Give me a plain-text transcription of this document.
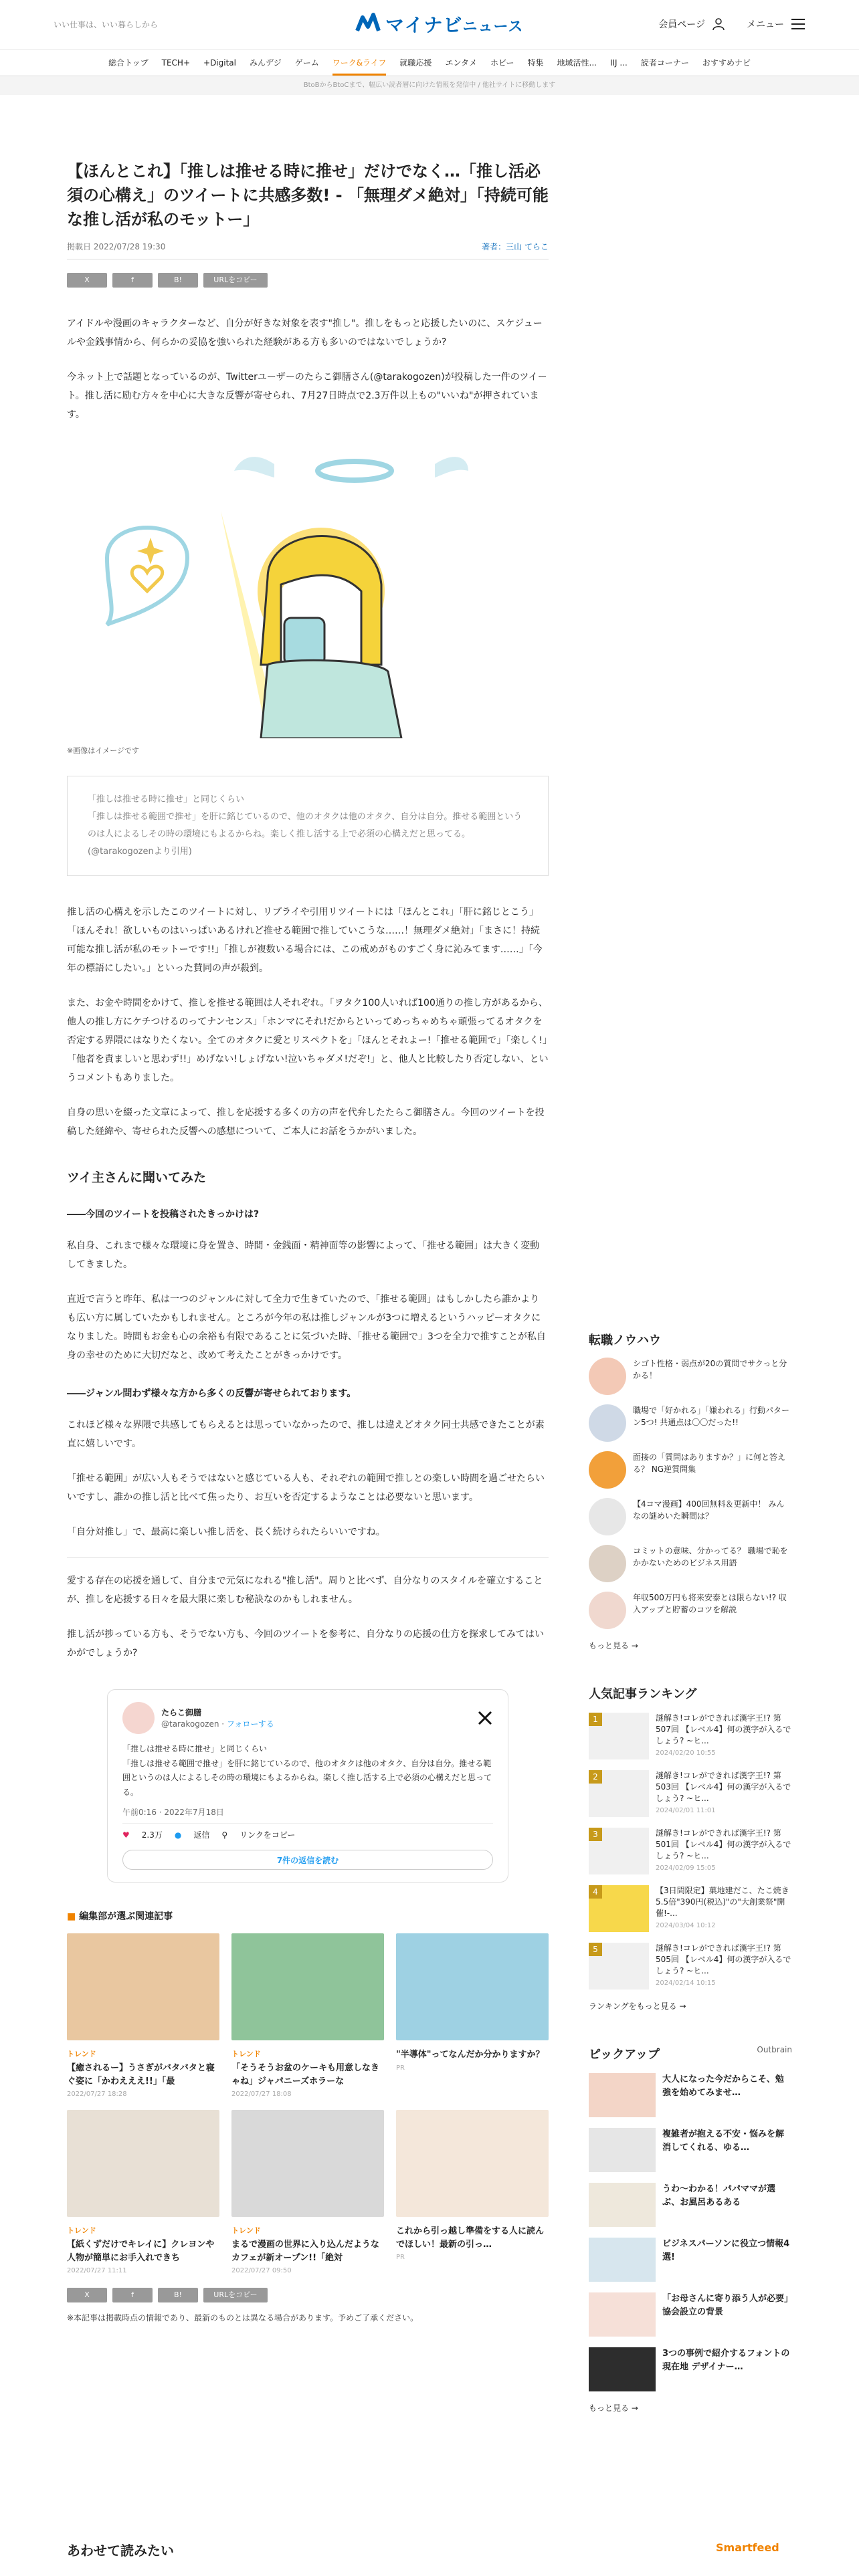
いい仕事は、いい暮らしから	マイナビニュース	会員ページ	メニュー
総合トップ TECH+ +Digital みんデジ ゲーム ワーク&ライフ 就職応援 エンタメ ホビー 特集 地域活性... IIJ ... 読者コーナー おすすめナビ
BtoBからBtoCまで、幅広い読者層に向けた情報を発信中 / 他社サイトに移動します
【ほんとこれ】「推しは推せる時に推せ」だけでなく…「推し活必須の心構え」のツイートに共感多数! - 「無理ダメ絶対」「持続可能な推し活が私のモットー」
掲載日 2022/07/28 19:30	著者：三山 てらこ
X	f	B!	URLをコピー

アイドルや漫画のキャラクターなど、自分が好きな対象を表す"推し"。推しをもっと応援したいのに、スケジュールや金銭事情から、何らかの妥協を強いられた経験がある方も多いのではないでしょうか?

今ネット上で話題となっているのが、Twitterユーザーのたらこ御膳さん(@tarakogozen)が投稿した一件のツイート。推し活に励む方々を中心に大きな反響が寄せられ、7月27日時点で2.3万件以上もの"いいね"が押されています。

※画像はイメージです
「推しは推せる時に推せ」と同じくらい
「推しは推せる範囲で推せ」を肝に銘じているので、他のオタクは他のオタク、自分は自分。推せる範囲というのは人によるしその時の環境にもよるからね。楽しく推し活する上で必須の心構えだと思ってる。(@tarakogozenより引用)

推し活の心構えを示したこのツイートに対し、リプライや引用リツイートには「ほんとこれ」「肝に銘じとこう」「ほんそれ！欲しいものはいっぱいあるけれど推せる範囲で推していこうな……！無理ダメ絶対」「まさに！持続可能な推し活が私のモットーです!!」「推しが複数いる場合には、この戒めがものすごく身に沁みてます……」「今年の標語にしたい。」といった賛同の声が殺到。

また、お金や時間をかけて、推しを推せる範囲は人それぞれ。「ヲタク100人いれば100通りの推し方があるから、他人の推し方にケチつけるのってナンセンス」「ホンマにそれ!だからといってめっちゃめちゃ頑張ってるオタクを否定する界隈にはなりたくない。全てのオタクに愛とリスペクトを」「ほんとそれよー!「推せる範囲で」「楽しく!」「他者を責ましいと思わず!!」めげない!しょげない!泣いちゃダメ!だぞ!」と、他人と比較したり否定しない、というコメントもありました。

自身の思いを綴った文章によって、推しを応援する多くの方の声を代弁したたらこ御膳さん。今回のツイートを投稿した経緯や、寄せられた反響への感想について、ご本人にお話をうかがいました。

ツイ主さんに聞いてみた
――今回のツイートを投稿されたきっかけは?

私自身、これまで様々な環境に身を置き、時間・金銭面・精神面等の影響によって、「推せる範囲」は大きく変動してきました。

直近で言うと昨年、私は一つのジャンルに対して全力で生きていたので、「推せる範囲」はもしかしたら誰かよりも広い方に属していたかもしれません。ところが今年の私は推しジャンルが3つに増えるというハッピーオタクになりました。時間もお金も心の余裕も有限であることに気づいた時、「推せる範囲で」3つを全力で推すことが私自身の幸せのために大切だなと、改めて考えたことがきっかけです。

――ジャンル問わず様々な方から多くの反響が寄せられております。

これほど様々な界隈で共感してもらえるとは思っていなかったので、推しは違えどオタク同士共感できたことが素直に嬉しいです。

「推せる範囲」が広い人もそうではないと感じている人も、それぞれの範囲で推しとの楽しい時間を過ごせたらいいですし、誰かの推し活と比べて焦ったり、お互いを否定するようなことは必要ないと思います。

「自分対推し」で、最高に楽しい推し活を、長く続けられたらいいですね。

愛する存在の応援を通して、自分まで元気になれる"推し活"。周りと比べず、自分なりのスタイルを確立することが、推しを応援する日々を最大限に楽しむ秘訣なのかもしれません。

推し活が捗っている方も、そうでない方も、今回のツイートを参考に、自分なりの応援の仕方を探求してみてはいかがでしょうか?

たらこ御膳
@tarakogozen · フォローする
「推しは推せる時に推せ」と同じくらい
「推しは推せる範囲で推せ」を肝に銘じているので、他のオタクは他のオタク、自分は自分。推せる範囲というのは人によるしその時の環境にもよるからね。楽しく推し活する上で必須の心構えだと思ってる。
午前0:16 · 2022年7月18日
♥ 2.3万 ● 返信 ⚲ リンクをコピー
7件の返信を読む
■ 編集部が選ぶ関連記事
トレンド
【癒されるー】うさぎがバタバタと寝ぐ姿に「かわえええ!!」「最
2022/07/27 18:28
トレンド
「そうそうお盆のケーキも用意しなきゃね」ジャパニーズホラーな
2022/07/27 18:08
"半導体"ってなんだか分かりますか？
PR
トレンド
【紙くずだけでキレイに】クレヨンや人物が簡単にお手入れできち
2022/07/27 11:11
トレンド
まるで漫画の世界に入り込んだようなカフェが新オープン!!「絶対
2022/07/27 09:50
これから引っ越し準備をする人に読んでほしい！最新の引っ…
PR
X	f	B!	URLをコピー
※本記事は掲載時点の情報であり、最新のものとは異なる場合があります。予めご了承ください。
あわせて読みたい	Smartfeed
転職ノウハウ
シゴト性格・弱点が20の質問でサクっと分かる！
職場で「好かれる」「嫌われる」行動パターン5つ! 共通点は〇〇だった!!
面接の「質問はありますか？」に何と答える？ NG逆質問集
【4コマ漫画】400回無料＆更新中！ みんなの謎めいた瞬間は？
コミットの意味、分かってる？ 職場で恥をかかないためのビジネス用語
年収500万円も将来安泰とは限らない!? 収入アップと貯蓄のコツを解説
もっと見る →
人気記事ランキング
1	謎解き!コレができれば漢字王!? 第507回 【レベル4】何の漢字が入るでしょう? ~ヒ...
2024/02/20 10:55
2	謎解き!コレができれば漢字王!? 第503回 【レベル4】何の漢字が入るでしょう? ~ヒ...
2024/02/01 11:01
3	謎解き!コレができれば漢字王!? 第501回 【レベル4】何の漢字が入るでしょう? ~ヒ...
2024/02/09 15:05
4	【3日間限定】菓地建だこ、たこ焼き5.5倍"390円(税込)"の"大創業祭"開催!-...
2024/03/04 10:12
5	謎解き!コレができれば漢字王!? 第505回 【レベル4】何の漢字が入るでしょう? ~ヒ...
2024/02/14 10:15
ランキングをもっと見る →
ピックアップ	Outbrain
大人になった今だからこそ、勉強を始めてみませ…
複雑者が抱える不安・悩みを解消してくれる、ゆる…
うわ～わかる！パパママが選ぶ、お風呂あるある
ビジネスパーソンに役立つ情報4選!
「お母さんに寄り添う人が必要」協会設立の背景
3つの事例で紹介するフォントの現在地 デザイナー…
もっと見る →
